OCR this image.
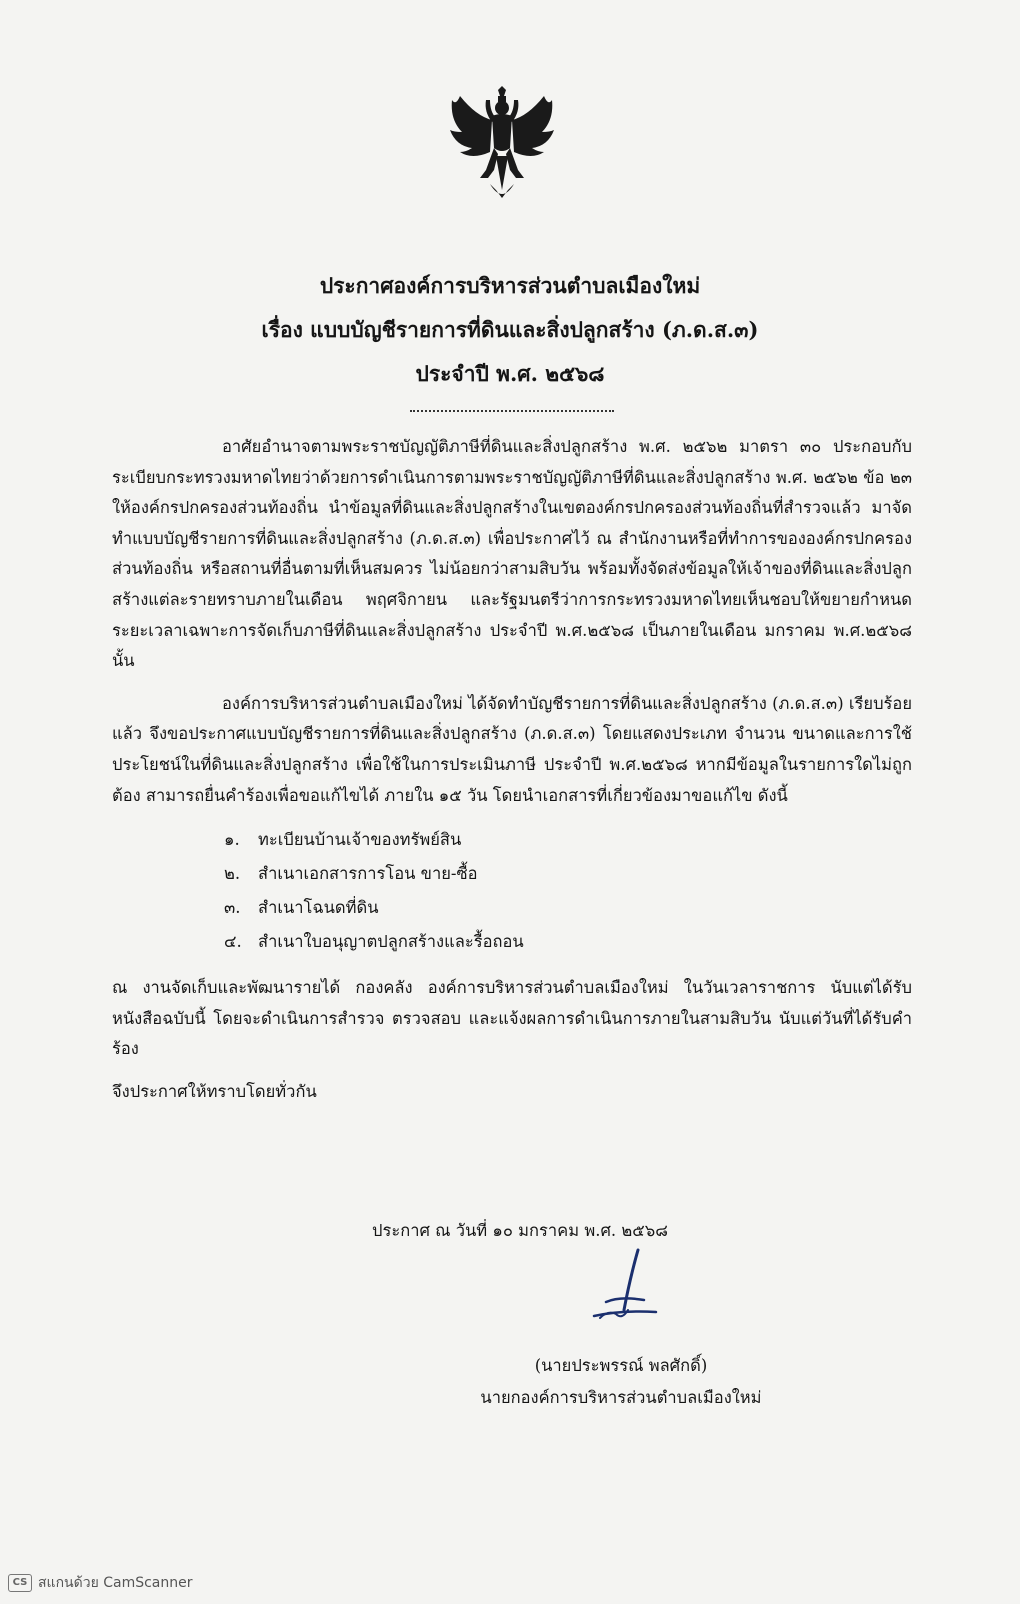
ประกาศองค์การบริหารส่วนตำบลเมืองใหม่
เรื่อง แบบบัญชีรายการที่ดินและสิ่งปลูกสร้าง (ภ.ด.ส.๓)
ประจำปี พ.ศ. ๒๕๖๘

อาศัยอำนาจตามพระราชบัญญัติภาษีที่ดินและสิ่งปลูกสร้าง พ.ศ. ๒๕๖๒ มาตรา ๓๐ ประกอบกับระเบียบกระทรวงมหาดไทยว่าด้วยการดำเนินการตามพระราชบัญญัติภาษีที่ดินและสิ่งปลูกสร้าง พ.ศ. ๒๕๖๒ ข้อ ๒๓ ให้องค์กรปกครองส่วนท้องถิ่น นำข้อมูลที่ดินและสิ่งปลูกสร้างในเขตองค์กรปกครองส่วนท้องถิ่นที่สำรวจแล้ว มาจัดทำแบบบัญชีรายการที่ดินและสิ่งปลูกสร้าง (ภ.ด.ส.๓) เพื่อประกาศไว้ ณ สำนักงานหรือที่ทำการขององค์กรปกครองส่วนท้องถิ่น หรือสถานที่อื่นตามที่เห็นสมควร ไม่น้อยกว่าสามสิบวัน พร้อมทั้งจัดส่งข้อมูลให้เจ้าของที่ดินและสิ่งปลูกสร้างแต่ละรายทราบภายในเดือน พฤศจิกายน และรัฐมนตรีว่าการกระทรวงมหาดไทยเห็นชอบให้ขยายกำหนดระยะเวลาเฉพาะการจัดเก็บภาษีที่ดินและสิ่งปลูกสร้าง ประจำปี พ.ศ.๒๕๖๘ เป็นภายในเดือน มกราคม พ.ศ.๒๕๖๘ นั้น

องค์การบริหารส่วนตำบลเมืองใหม่ ได้จัดทำบัญชีรายการที่ดินและสิ่งปลูกสร้าง (ภ.ด.ส.๓) เรียบร้อยแล้ว จึงขอประกาศแบบบัญชีรายการที่ดินและสิ่งปลูกสร้าง (ภ.ด.ส.๓) โดยแสดงประเภท จำนวน ขนาดและการใช้ประโยชน์ในที่ดินและสิ่งปลูกสร้าง เพื่อใช้ในการประเมินภาษี ประจำปี พ.ศ.๒๕๖๘ หากมีข้อมูลในรายการใดไม่ถูกต้อง สามารถยื่นคำร้องเพื่อขอแก้ไขได้ ภายใน ๑๕ วัน โดยนำเอกสารที่เกี่ยวข้องมาขอแก้ไข ดังนี้

๑. ทะเบียนบ้านเจ้าของทรัพย์สิน
๒. สำเนาเอกสารการโอน ขาย-ซื้อ
๓. สำเนาโฉนดที่ดิน
๔. สำเนาใบอนุญาตปลูกสร้างและรื้อถอน

ณ งานจัดเก็บและพัฒนารายได้ กองคลัง องค์การบริหารส่วนตำบลเมืองใหม่ ในวันเวลาราชการ นับแต่ได้รับหนังสือฉบับนี้ โดยจะดำเนินการสำรวจ ตรวจสอบ และแจ้งผลการดำเนินการภายในสามสิบวัน นับแต่วันที่ได้รับคำร้อง

จึงประกาศให้ทราบโดยทั่วกัน

ประกาศ ณ วันที่ ๑๐ มกราคม พ.ศ. ๒๕๖๘
(นายประพรรณ์ พลศักดิ์)
นายกองค์การบริหารส่วนตำบลเมืองใหม่
CS สแกนด้วย CamScanner
